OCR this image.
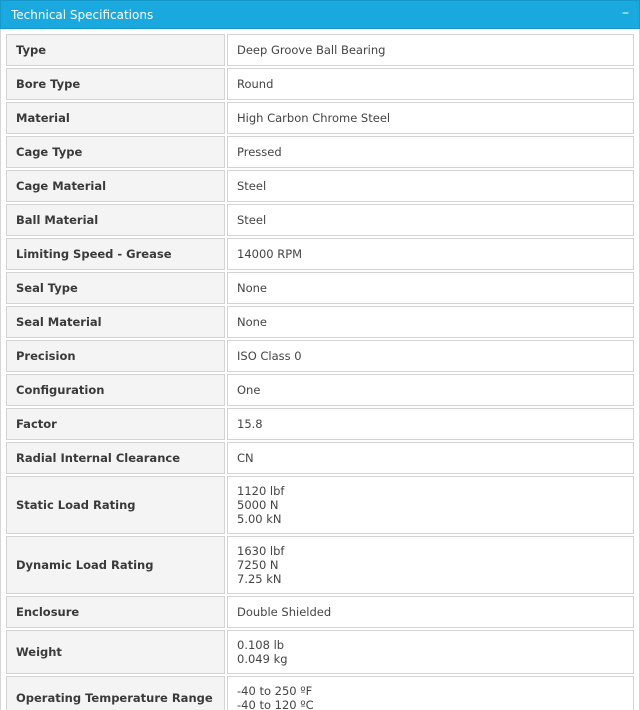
Technical Specifications	–
Type	Deep Groove Ball Bearing

Bore Type	Round

Material	High Carbon Chrome Steel

Cage Type	Pressed

Cage Material	Steel

Ball Material	Steel

Limiting Speed - Grease	14000 RPM

Seal Type	None

Seal Material	None

Precision	ISO Class 0

Configuration	One

Factor	15.8

Radial Internal Clearance	CN

Static Load Rating	1120 lbf
5000 N
5.00 kN

Dynamic Load Rating	1630 lbf
7250 N
7.25 kN

Enclosure	Double Shielded

Weight	0.108 lb
0.049 kg

Operating Temperature Range	-40 to 250 ºF
-40 to 120 ºC
